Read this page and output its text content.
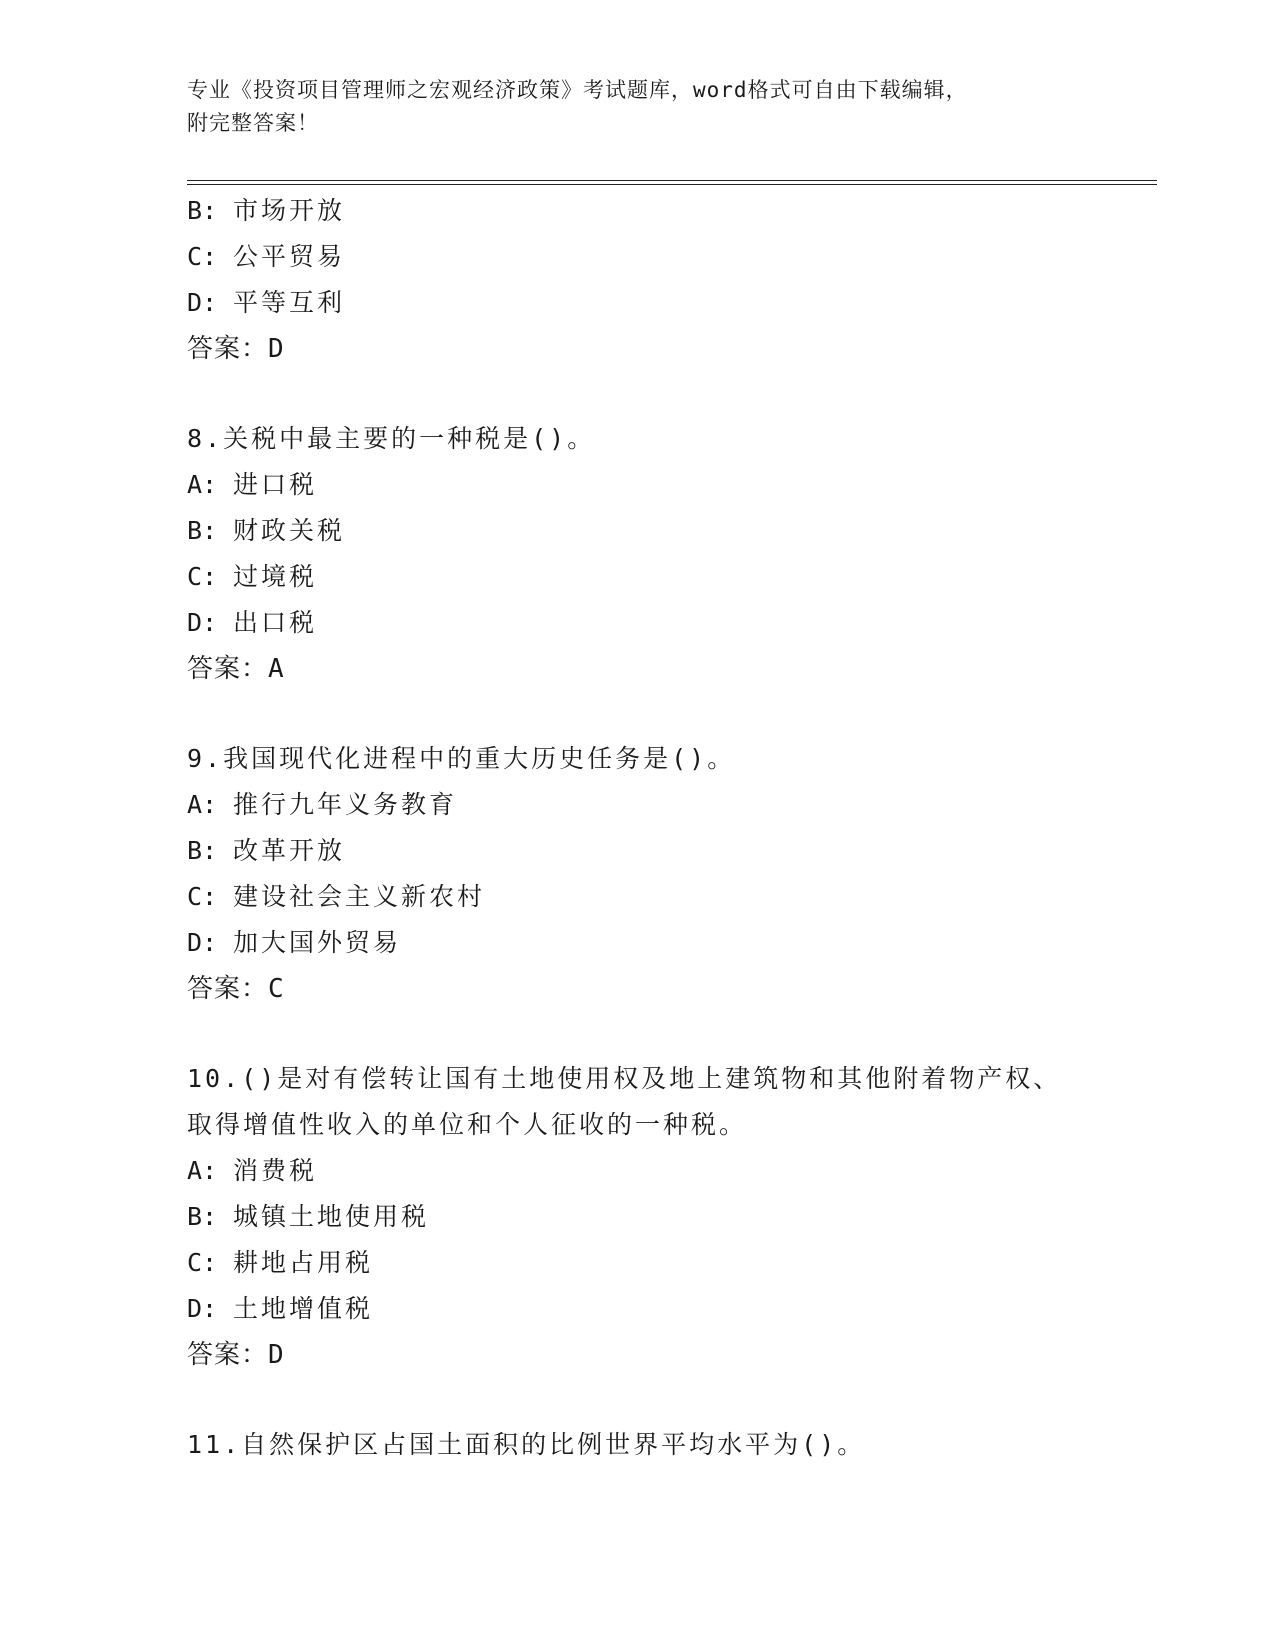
专业《投资项目管理师之宏观经济政策》考试题库，word格式可自由下载编辑，
附完整答案！
B: 市场开放
C: 公平贸易
D: 平等互利
答案：D
8.关税中最主要的一种税是()。
A: 进口税
B: 财政关税
C: 过境税
D: 出口税
答案：A
9.我国现代化进程中的重大历史任务是()。
A: 推行九年义务教育
B: 改革开放
C: 建设社会主义新农村
D: 加大国外贸易
答案：C
10.()是对有偿转让国有土地使用权及地上建筑物和其他附着物产权、
取得增值性收入的单位和个人征收的一种税。
A: 消费税
B: 城镇土地使用税
C: 耕地占用税
D: 土地增值税
答案：D
11.自然保护区占国土面积的比例世界平均水平为()。
